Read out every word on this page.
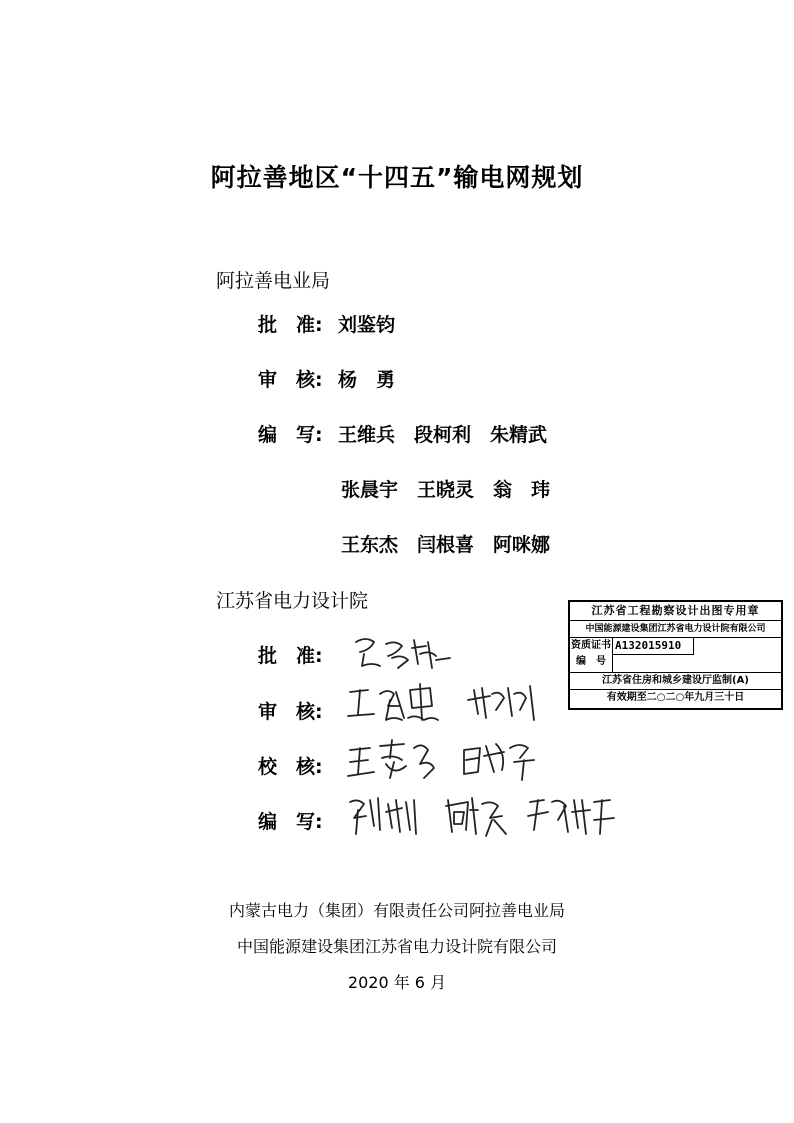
阿拉善地区“十四五”输电网规划
阿拉善电业局
批　准: 刘鉴钧
审　核: 杨　勇
编　写: 王维兵　段柯利　朱精武
张晨宇　王晓灵　翁　玮
王东杰　闫根喜　阿咪娜
江苏省电力设计院
批　准:
审　核:
校　核:
编　写:
江苏省工程勘察设计出图专用章
中国能源建设集团江苏省电力设计院有限公司
资质证书
编　号
A132015910
江苏省住房和城乡建设厅监制(A)
有效期至二○二○年九月三十日
内蒙古电力（集团）有限责任公司阿拉善电业局
中国能源建设集团江苏省电力设计院有限公司
2020 年 6 月
